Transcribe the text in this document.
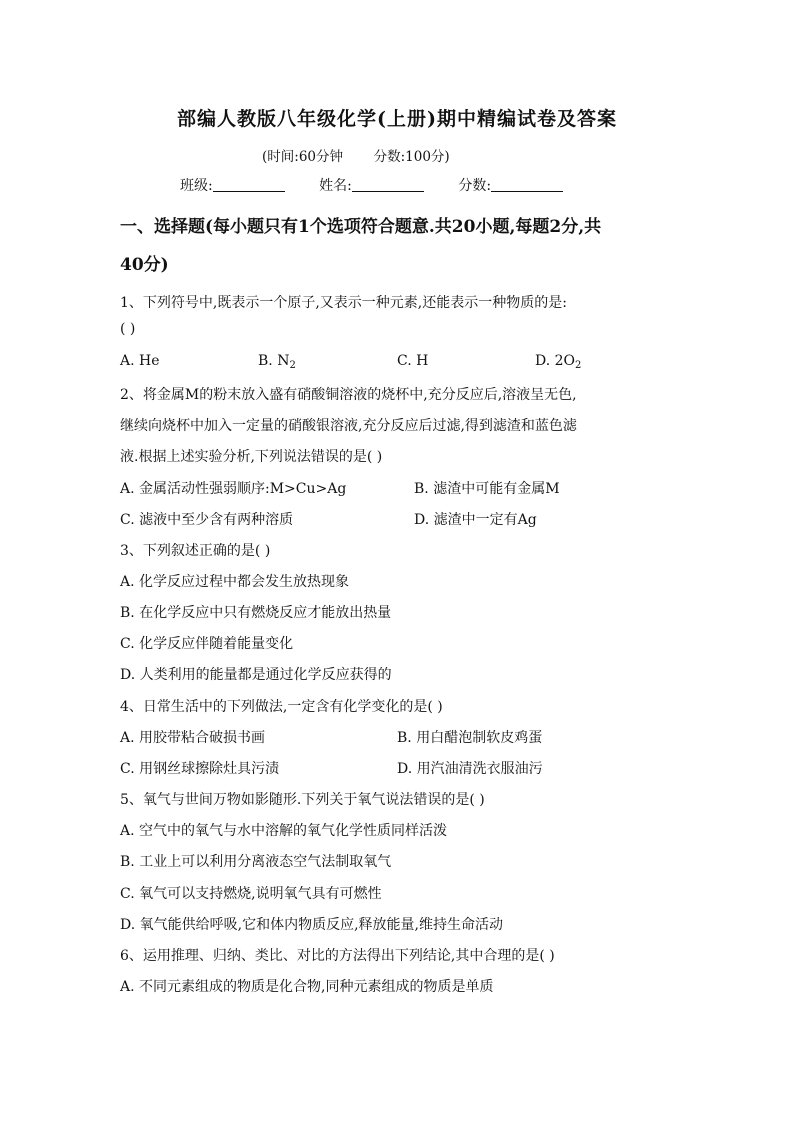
部编人教版八年级化学(上册)期中精编试卷及答案
(时间:60分钟 分数:100分)
班级:	姓名:	分数:
一、选择题(每小题只有1个选项符合题意.共20小题,每题2分,共
40分)
1、下列符号中,既表示一个原子,又表示一种元素,还能表示一种物质的是:
( )
A. He	B. $N_2$	C. H	D. $2O_2$
2、将金属M的粉末放入盛有硝酸铜溶液的烧杯中,充分反应后,溶液呈无色,
继续向烧杯中加入一定量的硝酸银溶液,充分反应后过滤,得到滤渣和蓝色滤
液.根据上述实验分析,下列说法错误的是( )
A. 金属活动性强弱顺序:M>Cu>Ag	B. 滤渣中可能有金属M
C. 滤液中至少含有两种溶质	D. 滤渣中一定有Ag
3、下列叙述正确的是( )
A. 化学反应过程中都会发生放热现象
B. 在化学反应中只有燃烧反应才能放出热量
C. 化学反应伴随着能量变化
D. 人类利用的能量都是通过化学反应获得的
4、日常生活中的下列做法,一定含有化学变化的是( )
A. 用胶带粘合破损书画	B. 用白醋泡制软皮鸡蛋
C. 用钢丝球擦除灶具污渍	D. 用汽油清洗衣服油污
5、氧气与世间万物如影随形.下列关于氧气说法错误的是( )
A. 空气中的氧气与水中溶解的氧气化学性质同样活泼
B. 工业上可以利用分离液态空气法制取氧气
C. 氧气可以支持燃烧,说明氧气具有可燃性
D. 氧气能供给呼吸,它和体内物质反应,释放能量,维持生命活动
6、运用推理、归纳、类比、对比的方法得出下列结论,其中合理的是( )
A. 不同元素组成的物质是化合物,同种元素组成的物质是单质
